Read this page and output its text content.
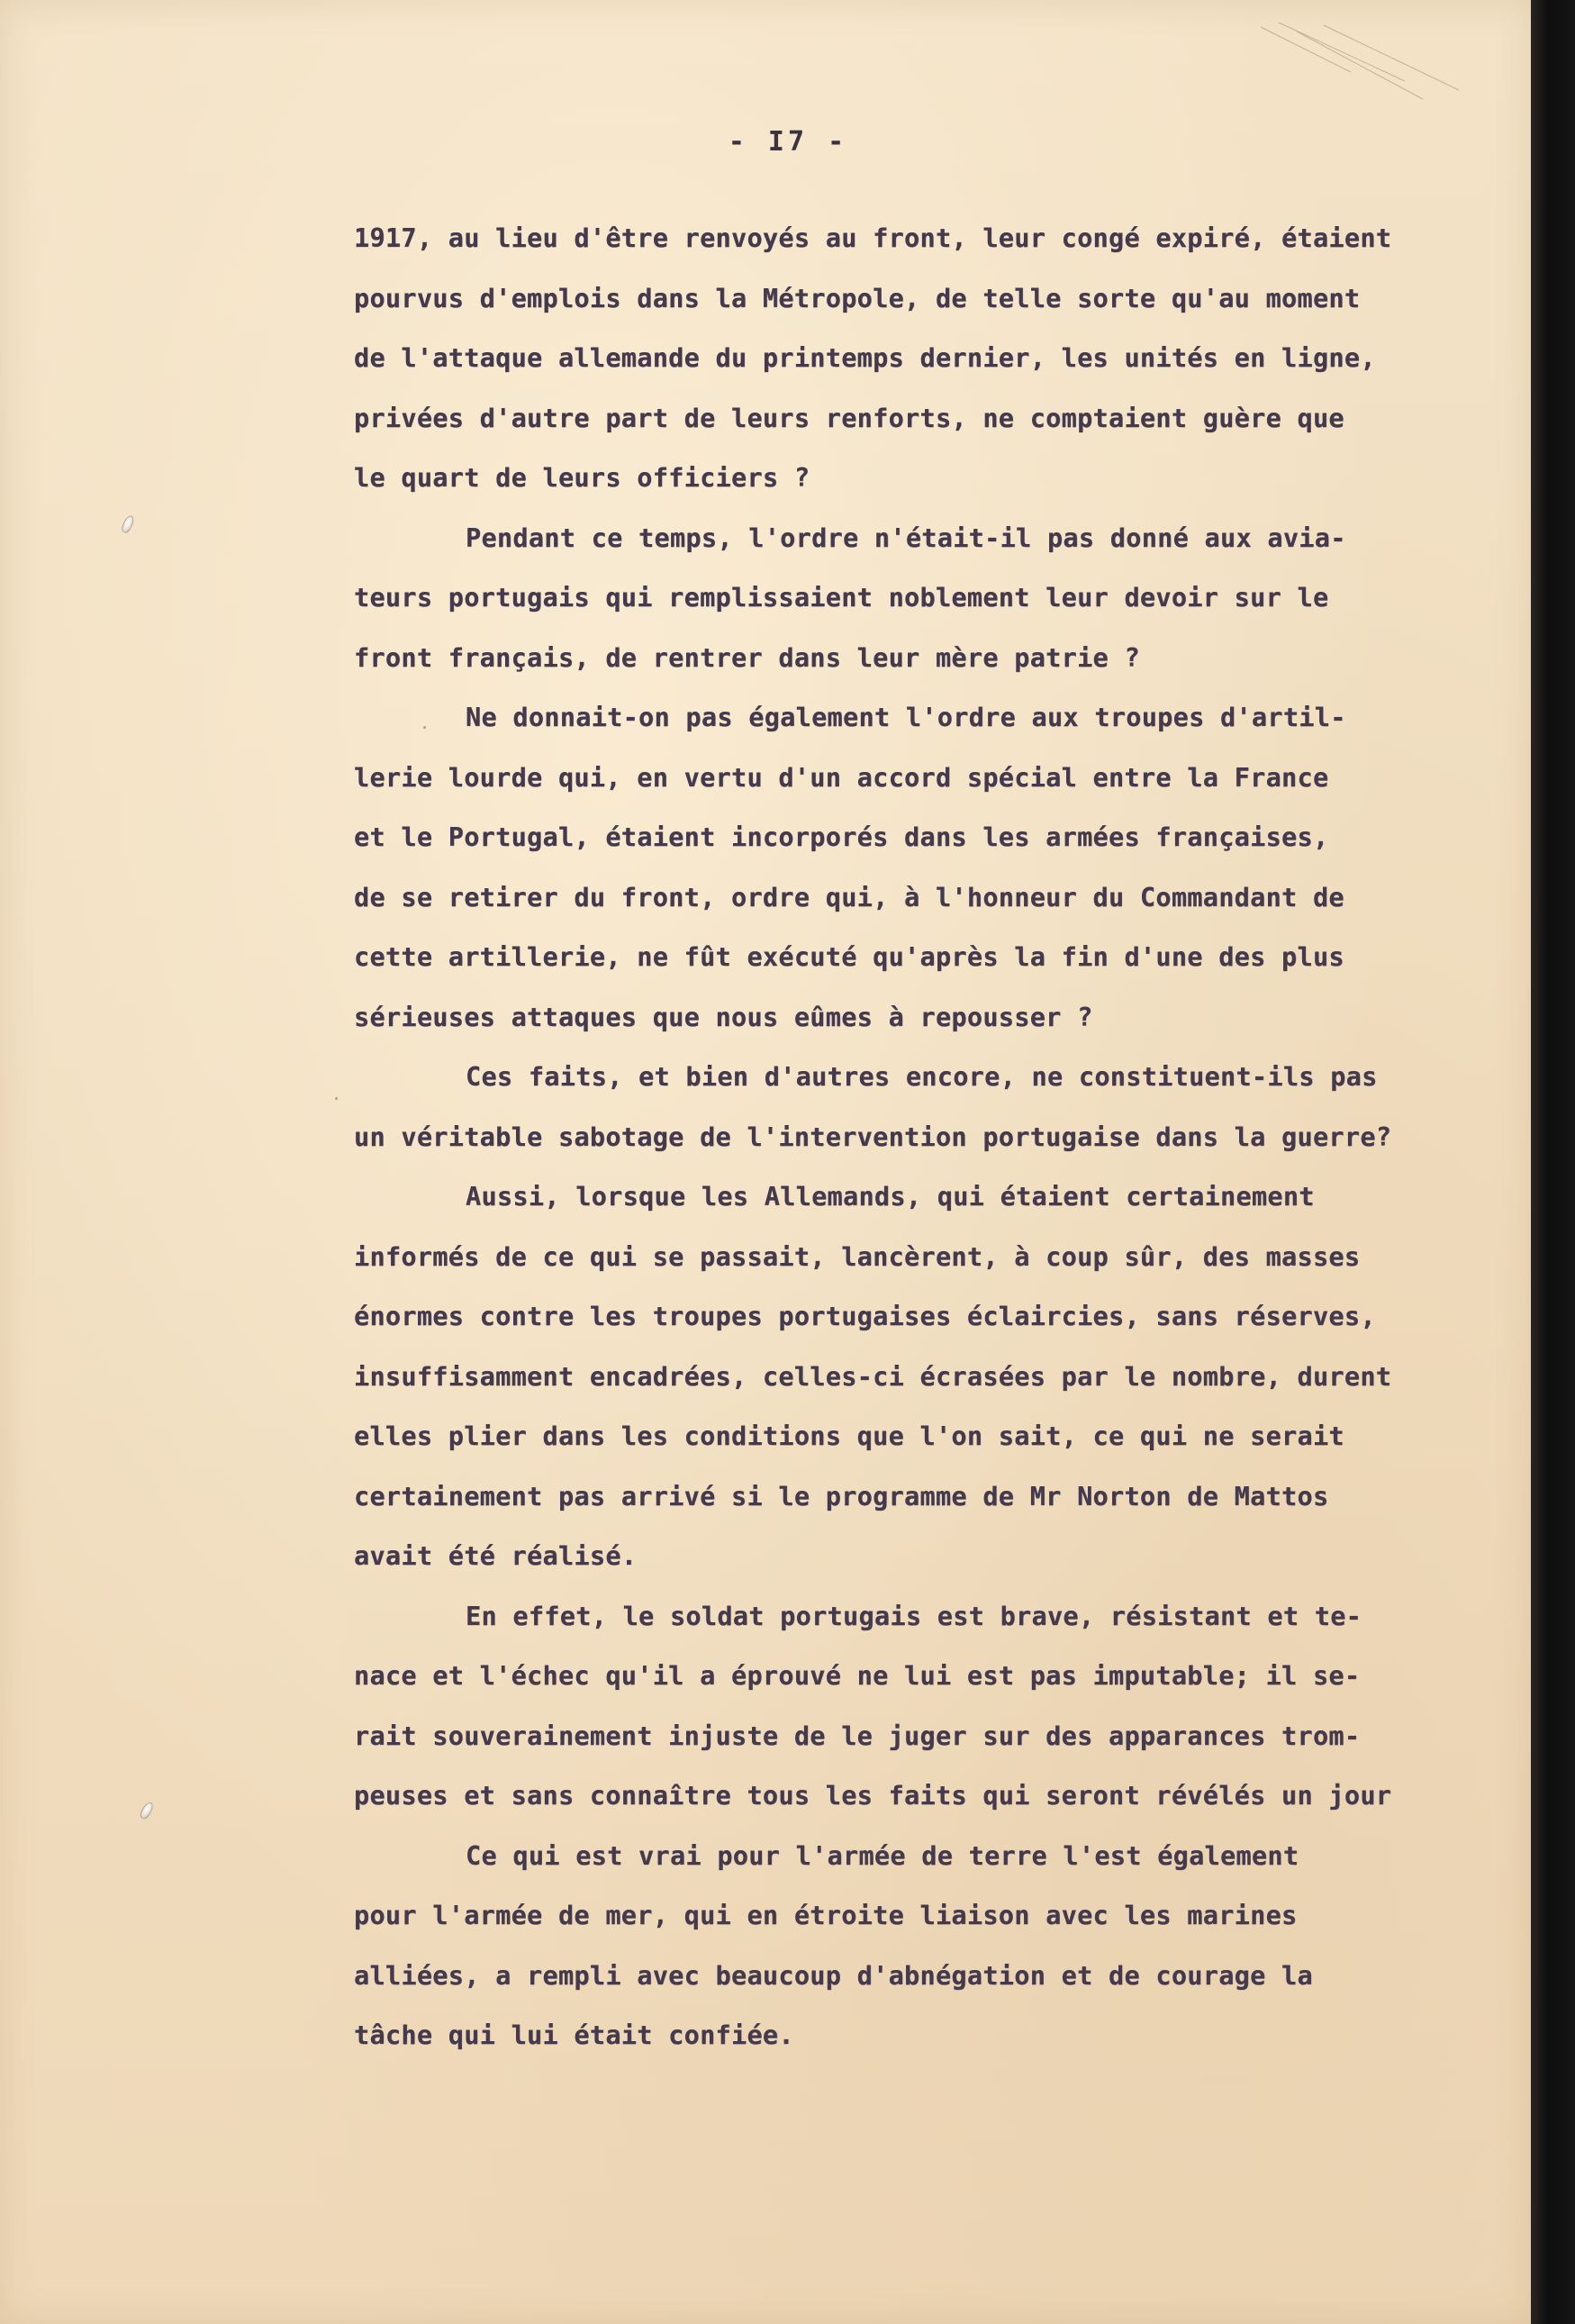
- I7 -
1917, au lieu d'être renvoyés au front, leur congé expiré, étaient
pourvus d'emplois dans la Métropole, de telle sorte qu'au moment
de l'attaque allemande du printemps dernier, les unités en ligne,
privées d'autre part de leurs renforts, ne comptaient guère que
le quart de leurs officiers ?
Pendant ce temps, l'ordre n'était-il pas donné aux avia-
teurs portugais qui remplissaient noblement leur devoir sur le
front français, de rentrer dans leur mère patrie ?
Ne donnait-on pas également l'ordre aux troupes d'artil-
lerie lourde qui, en vertu d'un accord spécial entre la France
et le Portugal, étaient incorporés dans les armées françaises,
de se retirer du front, ordre qui, à l'honneur du Commandant de
cette artillerie, ne fût exécuté qu'après la fin d'une des plus
sérieuses attaques que nous eûmes à repousser ?
Ces faits, et bien d'autres encore, ne constituent-ils pas
un véritable sabotage de l'intervention portugaise dans la guerre?
Aussi, lorsque les Allemands, qui étaient certainement
informés de ce qui se passait, lancèrent, à coup sûr, des masses
énormes contre les troupes portugaises éclaircies, sans réserves,
insuffisamment encadrées, celles-ci écrasées par le nombre, durent
elles plier dans les conditions que l'on sait, ce qui ne serait
certainement pas arrivé si le programme de Mr Norton de Mattos
avait été réalisé.
En effet, le soldat portugais est brave, résistant et te-
nace et l'échec qu'il a éprouvé ne lui est pas imputable; il se-
rait souverainement injuste de le juger sur des apparances trom-
peuses et sans connaître tous les faits qui seront révélés un jour
Ce qui est vrai pour l'armée de terre l'est également
pour l'armée de mer, qui en étroite liaison avec les marines
alliées, a rempli avec beaucoup d'abnégation et de courage la
tâche qui lui était confiée.
